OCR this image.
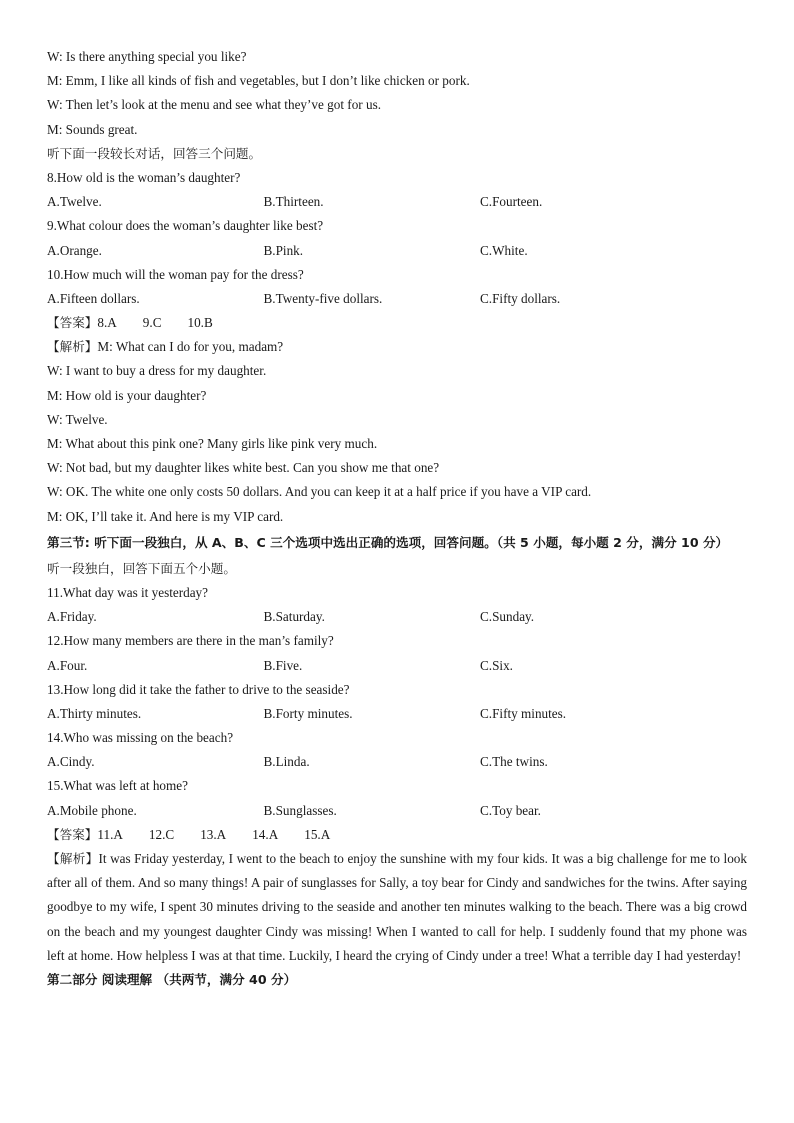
W: Is there anything special you like?
M: Emm, I like all kinds of fish and vegetables, but I don’t like chicken or pork.
W: Then let’s look at the menu and see what they’ve got for us.
M: Sounds great.
听下面一段较长对话，回答三个问题。
8.How old is the woman’s daughter?
A.Twelve.	B.Thirteen.	C.Fourteen.
9.What colour does the woman’s daughter like best?
A.Orange.	B.Pink.	C.White.
10.How much will the woman pay for the dress?
A.Fifteen dollars.	B.Twenty-five dollars.	C.Fifty dollars.
【答案】8.A 9.C 10.B
【解析】M: What can I do for you, madam?
W: I want to buy a dress for my daughter.
M: How old is your daughter?
W: Twelve.
M: What about this pink one? Many girls like pink very much.
W: Not bad, but my daughter likes white best. Can you show me that one?
W: OK. The white one only costs 50 dollars. And you can keep it at a half price if you have a VIP card.
M: OK, I’ll take it. And here is my VIP card.
第三节: 听下面一段独白，从 A、B、C 三个选项中选出正确的选项，回答问题。（共 5 小题，每小题 2 分，满分 10 分）
听一段独白，回答下面五个小题。
11.What day was it yesterday?
A.Friday.	B.Saturday.	C.Sunday.
12.How many members are there in the man’s family?
A.Four.	B.Five.	C.Six.
13.How long did it take the father to drive to the seaside?
A.Thirty minutes.	B.Forty minutes.	C.Fifty minutes.
14.Who was missing on the beach?
A.Cindy.	B.Linda.	C.The twins.
15.What was left at home?
A.Mobile phone.	B.Sunglasses.	C.Toy bear.
【答案】11.A 12.C 13.A 14.A 15.A
【解析】It was Friday yesterday, I went to the beach to enjoy the sunshine with my four kids. It was a big challenge for me to look after all of them. And so many things! A pair of sunglasses for Sally, a toy bear for Cindy and sandwiches for the twins. After saying goodbye to my wife, I spent 30 minutes driving to the seaside and another ten minutes walking to the beach. There was a big crowd on the beach and my youngest daughter Cindy was missing! When I wanted to call for help. I suddenly found that my phone was left at home. How helpless I was at that time. Luckily, I heard the crying of Cindy under a tree! What a terrible day I had yesterday!
第二部分 阅读理解 （共两节，满分 40 分）
